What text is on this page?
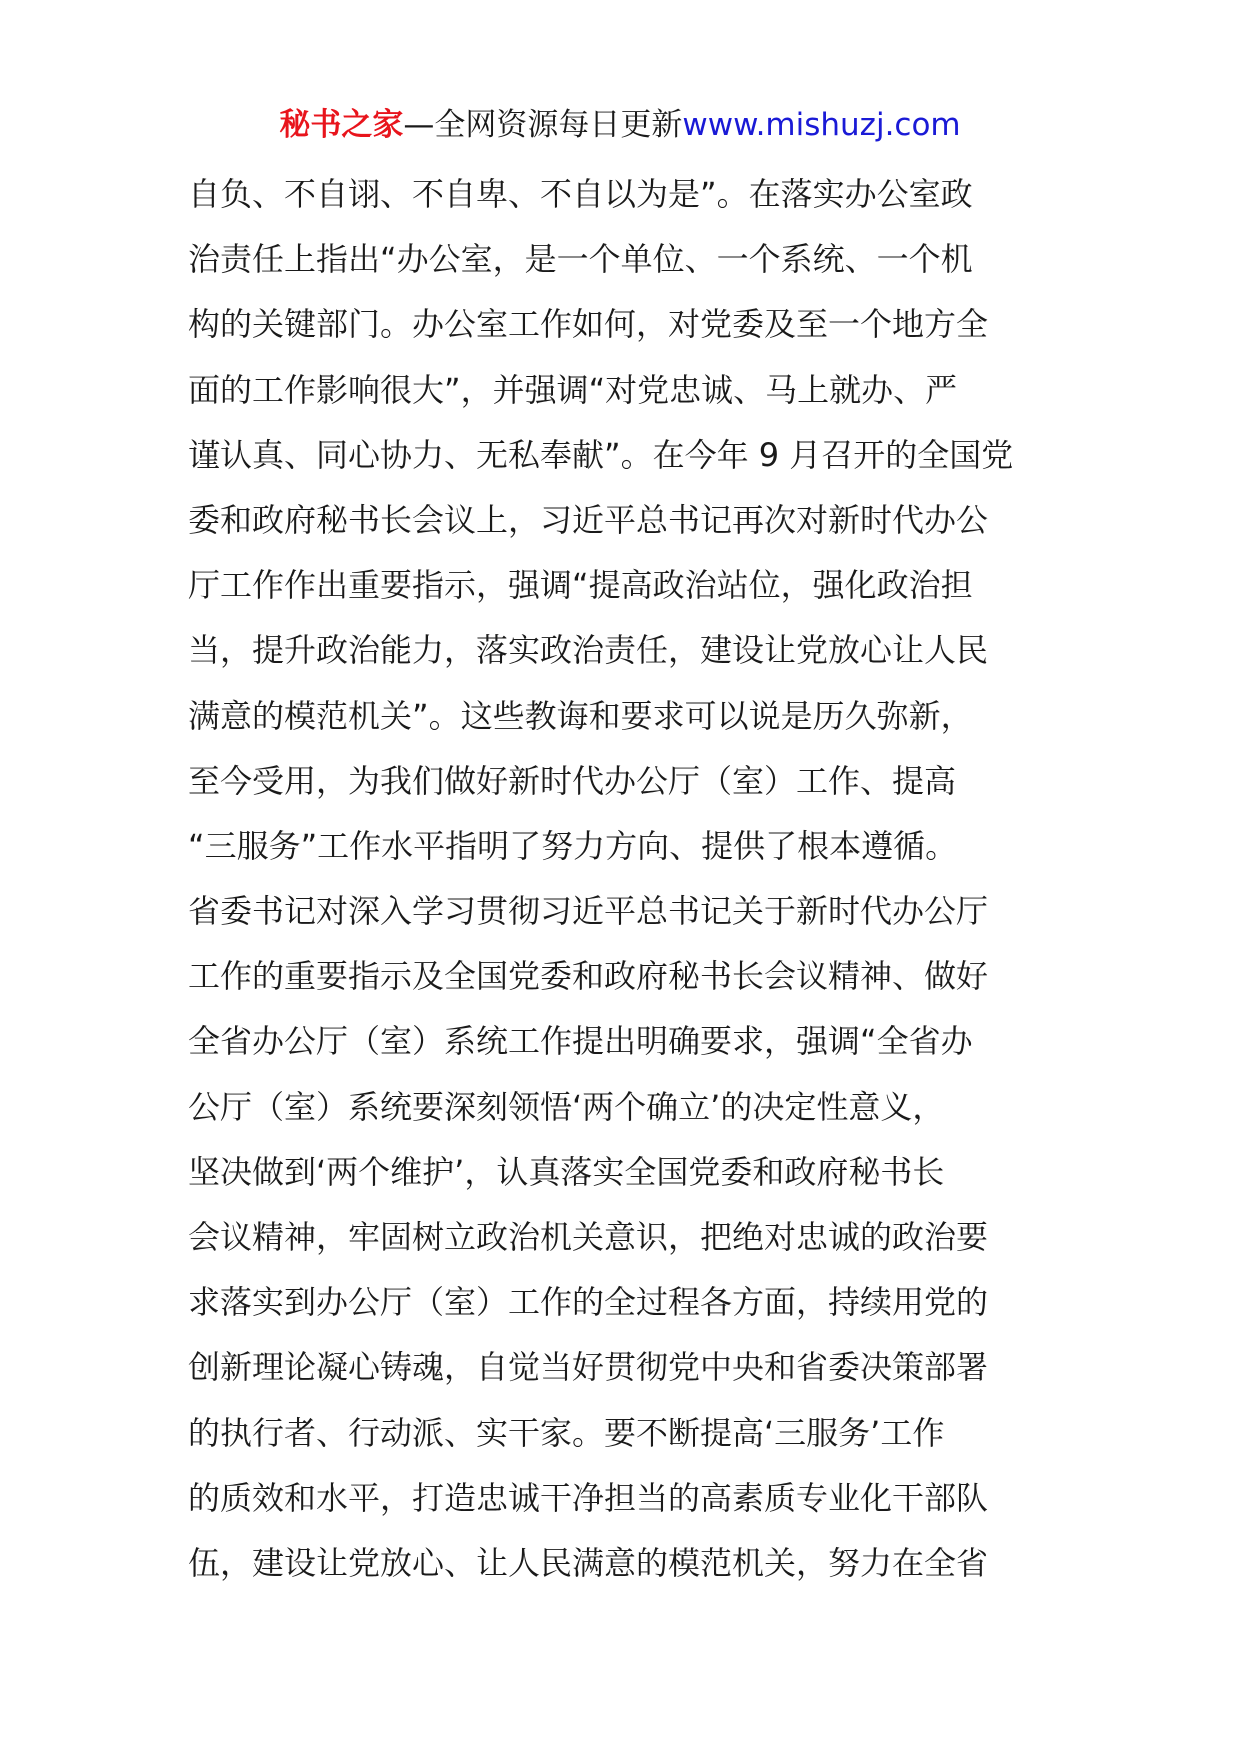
秘书之家—全网资源每日更新www.mishuzj.com
自负、不自诩、不自卑、不自以为是”。在落实办公室政
治责任上指出“办公室，是一个单位、一个系统、一个机
构的关键部门。办公室工作如何，对党委及至一个地方全
面的工作影响很大”，并强调“对党忠诚、马上就办、严
谨认真、同心协力、无私奉献”。在今年 9 月召开的全国党
委和政府秘书长会议上，习近平总书记再次对新时代办公
厅工作作出重要指示，强调“提高政治站位，强化政治担
当，提升政治能力，落实政治责任，建设让党放心让人民
满意的模范机关”。这些教诲和要求可以说是历久弥新，
至今受用，为我们做好新时代办公厅（室）工作、提高
“三服务”工作水平指明了努力方向、提供了根本遵循。
省委书记对深入学习贯彻习近平总书记关于新时代办公厅
工作的重要指示及全国党委和政府秘书长会议精神、做好
全省办公厅（室）系统工作提出明确要求，强调“全省办
公厅（室）系统要深刻领悟‘两个确立’的决定性意义，
坚决做到‘两个维护’，认真落实全国党委和政府秘书长
会议精神，牢固树立政治机关意识，把绝对忠诚的政治要
求落实到办公厅（室）工作的全过程各方面，持续用党的
创新理论凝心铸魂，自觉当好贯彻党中央和省委决策部署
的执行者、行动派、实干家。要不断提高‘三服务’工作
的质效和水平，打造忠诚干净担当的高素质专业化干部队
伍，建设让党放心、让人民满意的模范机关，努力在全省
